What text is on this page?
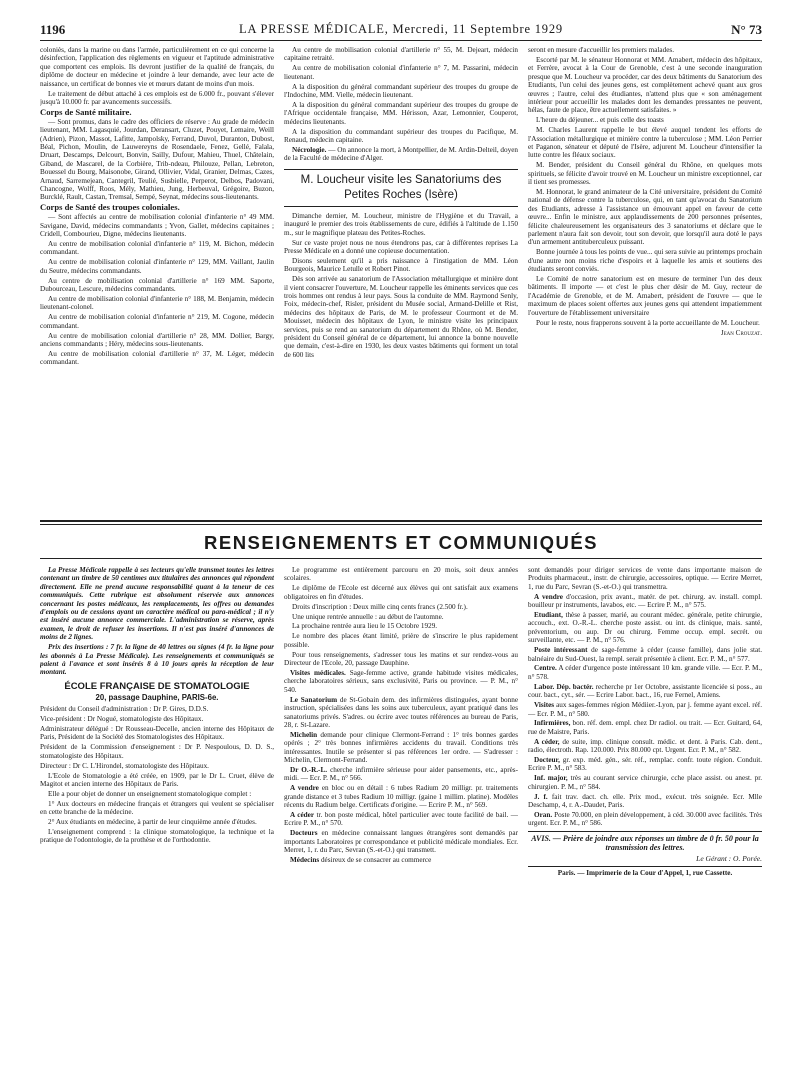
1196	LA PRESSE MÉDICALE, Mercredi, 11 Septembre 1929	N° 73

coloniès, dans la marine ou dans l'armée, particulièrement en ce qui concerne la désinfection, l'application des règlements en vigueur et l'aptitude administrative que comportent ces emplois. Ils devront justifier de la qualité de français, du diplôme de docteur en médecine et joindre à leur demande, avec leur acte de naissance, un certificat de bonnes vie et mœurs datant de moins d'un mois.

Le traitement de début attaché à ces emplois est de 6.000 fr., pouvant s'élever jusqu'à 10.000 fr. par avancements successifs.

Corps de Santé militaire.

— Sont promus, dans le cadre des officiers de réserve : Au grade de médecin lieutenant, MM. Lagasquié, Jourdan, Deransart, Cluzet, Pouyet, Lemaire, Weill (Adrien), Pizon, Massot, Lafitte, Jampolsky, Ferrand, Duvol, Duranton, Dubost, Béal, Pichon, Moulin, de Lauwereyns de Rosendaele, Fenez, Gellé, Falala, Druart, Descamps, Delcourt, Bonvin, Sailly, Dufour, Mahieu, Thuel, Châtelain, Giband, de Mascarel, de la Corbière, Trib-ndeau, Philouze, Pellan, Lebreton, Bouessel du Bourg, Maisonobe, Girand, Ollivier, Vidal, Granier, Delmas, Cazes, Arnaud, Sarremejean, Cantegril, Teulié, Susbielle, Perperot, Delbos, Padovani, Chancogne, Wolff, Roos, Mély, Mathieu, Jung, Herbeuval, Grégoire, Buzon, Burcklé, Rault, Castan, Tremsal, Sempé, Seynat, médecins sous-lieutenants.

Corps de Santé des troupes coloniales.

— Sont affectés au centre de mobilisation colonial d'infanterie n° 49 MM. Savigane, David, médecins commandants ; Yvon, Gallet, médecins capitaines ; Cridell, Combourieu, Digne, médecins lieutenants.

Au centre de mobilisation colonial d'infanterie n° 119, M. Bichon, médecin commandant.

Au centre de mobilisation colonial d'infanterie n° 129, MM. Vaillant, Jaulin du Seutre, médecins commandants.

Au centre de mobilisation colonial d'artillerie n° 169 MM. Saporte, Dubourceau, Lescure, médecins commandants.

Au centre de mobilisation colonial d'infanterie n° 188, M. Benjamin, médecin lieutenant-colonel.

Au centre de mobilisation colonial d'infanterie n° 219, M. Cogone, médecin commandant.

Au centre de mobilisation colonial d'artillerie n° 28, MM. Dollier, Bargy, anciens commandants ; Héry, médecins sous-lieutenants.

Au centre de mobilisation colonial d'artillerie n° 37, M. Léger, médecin commandant.

Au centre de mobilisation colonial d'artillerie n° 55, M. Dejeart, médecin capitaine retraité.

Au centre de mobilisation colonial d'infanterie n° 7, M. Passarini, médecin lieutenant.

A la disposition du général commandant supérieur des troupes du groupe de l'Indochine, MM. Vielle, médecin lieutenant.

A la disposition du général commandant supérieur des troupes du groupe de l'Afrique occidentale française, MM. Hérisson, Azar, Lemonnier, Couperot, médecins lieutenants.

A la disposition du commandant supérieur des troupes du Pacifique, M. Renaud, médecin capitaine.

Nécrologie. — On annonce la mort, à Montpellier, de M. Ardin-Delteil, doyen de la Faculté de médecine d'Alger.

M. Loucheur visite les Sanatoriums des Petites Roches (Isère)

Dimanche dernier, M. Loucheur, ministre de l'Hygiène et du Travail, a inauguré le premier des trois établissements de cure, édifiés à l'altitude de 1.150 m., sur le magnifique plateau des Petites-Roches.

Sur ce vaste projet nous ne nous étendrons pas, car à différentes reprises La Presse Médicale en a donné une copieuse documentation.

Disons seulement qu'il a pris naissance à l'instigation de MM. Léon Bourgeois, Maurice Letulle et Robert Pinot.

Dès son arrivée au sanatorium de l'Association métallurgique et minière dont il vient consacrer l'ouverture, M. Loucheur rappelle les éminents services que ces trois hommes ont rendus à leur pays. Sous la conduite de MM. Raymond Senly, Foix, médecin-chef, Risler, président du Musée social, Armand-Delille et Rist, médecins des hôpitaux de Paris, de M. le professeur Courmont et de M. Mouisset, médecin des hôpitaux de Lyon, le ministre visite les principaux services, puis se rend au sanatorium du département du Rhône, où M. Bender, président du Conseil général de ce département, lui annonce la bonne nouvelle que demain, c'est-à-dire en 1930, les deux vastes bâtiments qui forment un total de 600 lits

seront en mesure d'accueillir les premiers malades.

Escorté par M. le sénateur Honnorat et MM. Amabert, médecin des hôpitaux, et Ferrère, avocat à la Cour de Grenoble, c'est à une seconde inauguration presque que M. Loucheur va procéder, car des deux bâtiments du Sanatorium des Etudiants, l'un celui des jeunes gens, est complètement achevé quant aux gros œuvres ; l'autre, celui des étudiantes, n'attend plus que « son aménagement intérieur pour accueillir les malades dont les demandes pressantes ne peuvent, hélas, faute de place, être actuellement satisfaites. »

L'heure du déjeuner... et puis celle des toasts

M. Charles Laurent rappelle le but élevé auquel tendent les efforts de l'Association métallurgique et minière contre la tuberculose ; MM. Léon Perrier et Paganon, sénateur et député de l'Isère, adjurent M. Loucheur d'intensifier la lutte contre les fléaux sociaux.

M. Bender, président du Conseil général du Rhône, en quelques mots spirituels, se félicite d'avoir trouvé en M. Loucheur un ministre exceptionnel, car il tient ses promesses.

M. Honnorat, le grand animateur de la Cité universitaire, président du Comité national de défense contre la tuberculose, qui, en tant qu'avocat du Sanatorium des Etudiants, adresse à l'assistance un émouvant appel en faveur de cette œuvre... Enfin le ministre, aux applaudissements de 200 personnes présentes, félicite chaleureusement les organisateurs des 3 sanatoriums et déclare que le parlement n'aura fait son devoir, tout son devoir, que lorsqu'il aura doté le pays d'un armement antituberculeux puissant.

Bonne journée à tous les points de vue... qui sera suivie au printemps prochain d'une autre non moins riche d'espoirs et à laquelle les amis et soutiens des étudiants seront conviés.

Le Comité de notre sanatorium est en mesure de terminer l'un des deux bâtiments. Il importe — et c'est le plus cher désir de M. Guy, recteur de l'Académie de Grenoble, et de M. Amabert, président de l'œuvre — que le maximum de places soient offertes aux jeunes gens qui attendent impatiemment l'ouverture de l'établissement universitaire

Pour le reste, nous frapperons souvent à la porte accueillante de M. Loucheur.

Jean Crouzat.

RENSEIGNEMENTS ET COMMUNIQUÉS

La Presse Médicale rappelle à ses lecteurs qu'elle transmet toutes les lettres contenant un timbre de 50 centimes aux titulaires des annonces qui répondent directement. Elle ne prend aucune responsabilité quant à la teneur de ces communiqués. Cette rubrique est absolument réservée aux annonces concernant les postes médicaux, les remplacements, les offres ou demandes d'emplois ou de cessions ayant un caractère médical ou para-médical ; il n'y est inséré aucune annonce commerciale. L'administration se réserve, après examen, le droit de refuser les insertions. Il n'est pas inséré d'annonces de moins de 2 lignes.

Prix des insertions : 7 fr. la ligne de 40 lettres ou signes (4 fr. la ligne pour les abonnés à La Presse Médicale). Les renseignements et communiqués se paient à l'avance et sont insérés 8 à 10 jours après la réception de leur montant.

ÉCOLE FRANÇAISE DE STOMATOLOGIE
20, passage Dauphine, PARIS-6e.

Président du Conseil d'administration : Dr P. Gires, D.D.S.

Vice-président : Dr Nogué, stomatologiste des Hôpitaux.

Administrateur délégué : Dr Rousseau-Decelle, ancien interne des Hôpitaux de Paris, Président de la Société des Stomatologistes des Hôpitaux.

Président de la Commission d'enseignement : Dr P. Nespoulous, D. D. S., stomatologiste des Hôpitaux.

Directeur : Dr C. L'Hirondel, stomatologiste des Hôpitaux.

L'Ecole de Stomatologie a été créée, en 1909, par le Dr L. Cruet, élève de Magitot et ancien interne des Hôpitaux de Paris.

Elle a pour objet de donner un enseignement stomatologique complet :

1° Aux docteurs en médecine français et étrangers qui veulent se spécialiser en cette branche de la médecine.

2° Aux étudiants en médecine, à partir de leur cinquième année d'études.

L'enseignement comprend : la clinique stomatologique, la technique et la pratique de l'odontologie, de la prothèse et de l'orthodontie.

Le programme est entièrement parcouru en 20 mois, soit deux années scolaires.

Le diplôme de l'Ecole est décerné aux élèves qui ont satisfait aux examens obligatoires en fin d'études.

Droits d'inscription : Deux mille cinq cents francs (2.500 fr.).

Une unique rentrée annuelle : au début de l'automne.

La prochaine rentrée aura lieu le 15 Octobre 1929.

Le nombre des places étant limité, prière de s'inscrire le plus rapidement possible.

Pour tous renseignements, s'adresser tous les matins et sur rendez-vous au Directeur de l'Ecole, 20, passage Dauphine.

Visites médicales. Sage-femme active, grande habitude visites médicales, cherche laboratoires sérieux, sans exclusivité, Paris ou province. — P. M., n° 540.

Le Sanatorium de St-Gobain dem. des infirmières distinguées, ayant bonne instruction, spécialisées dans les soins aux tuberculeux, ayant pratiqué dans les sanatoriums privés. S'adres. ou écrire avec toutes références au bureau de Paris, 28, r. St-Lazare.

Michelin demande pour clinique Clermont-Ferrand : 1° très bonnes gardes opérés ; 2° très bonnes infirmières accidents du travail. Conditions très intéressantes. Inutile se présenter si pas références 1er ordre. — S'adresser : Michelin, Clermont-Ferrand.

Dr O.-R.-L. cherche infirmière sérieuse pour aider pansements, etc., après-midi. — Ecr. P. M., n° 566.

A vendre en bloc ou en détail : 6 tubes Radium 20 milligr. pr. traitements grande distance et 3 tubes Radium 10 milligr. (gaine 1 millim. platine). Modèles récents du Radium belge. Certificats d'origine. — Ecrire P. M., n° 569.

A céder tr. bon poste médical, hôtel particulier avec toute facilité de bail. — Ecrire P. M., n° 570.

Docteurs en médecine connaissant langues étrangères sont demandés par importants Laboratoires pr correspondance et publicité médicale mondiales. Ecr. Merret, 1, r. du Parc, Sevran (S.-et-O.) qui transmett.

Médecins désireux de se consacrer au commerce

sont demandés pour diriger services de vente dans importante maison de Produits pharmaceut., instr. de chirurgie, accessoires, optique. — Ecrire Merret, 1, rue du Parc, Sevran (S.-et-O.) qui transmettra.

A vendre d'occasion, prix avant., matér. de pet. chirurg. av. install. compl. bouilleur pr instruments, lavabos, etc. — Ecrire P. M., n° 575.

Etudiant, thèse à passer, marié, au courant médec. générale, petite chirurgie, accouch., ext. O.-R.-L. cherche poste assist. ou int. ds clinique, mais. santé, préventorium, ou aup. Dr ou chirurg. Femme occup. empl. secrét. ou surveillante, etc. — P. M., n° 576.

Poste intéressant de sage-femme à céder (cause famille), dans jolie stat. balnéaire du Sud-Ouest, la rempl. serait présentée à client. Ecr. P. M., n° 577.

Centre. A céder d'urgence poste intéressant 10 km. grande ville. — Ecr. P. M., n° 578.

Labor. Dép. bactér. recherche pr 1er Octobre, assistante licenciée si poss., au cour. bact., cyt., sér. — Ecrire Labor. bact., 16, rue Fernel, Amiens.

Visites aux sages-femmes région Médiier.-Lyon, par j. femme ayant excel. réf. — Ecr. P. M., n° 580.

Infirmières, bon. réf. dem. empl. chez Dr radiol. ou trait. — Ecr. Guitard, 64, rue de Maistre, Paris.

A céder, de suite, imp. clinique consult. médic. et dent. à Paris. Cab. dent., radio, électroth. Rap. 120.000. Prix 80.000 cpt. Urgent. Ecr. P. M., n° 582.

Docteur, gr. exp. méd. gén., sér. réf., remplac. confr. toute région. Conduit. Ecrire P. M., n° 583.

Inf. major, très au courant service chirurgie, cche place assist. ou anest. pr. chirurgien. P. M., n° 584.

J. f. fait trav. dact. ch. elle. Prix mod., exécut. très soignée. Ecr. Mlle Deschamp, 4, r. A.-Daudet, Paris.

Oran. Poste 70.000, en plein développement, à céd. 30.000 avec facilités. Très urgent. Ecr. P. M., n° 586.

AVIS. — Prière de joindre aux réponses un timbre de 0 fr. 50 pour la transmission des lettres.
Le Gérant : O. Porée.
Paris. — Imprimerie de la Cour d'Appel, 1, rue Cassette.
